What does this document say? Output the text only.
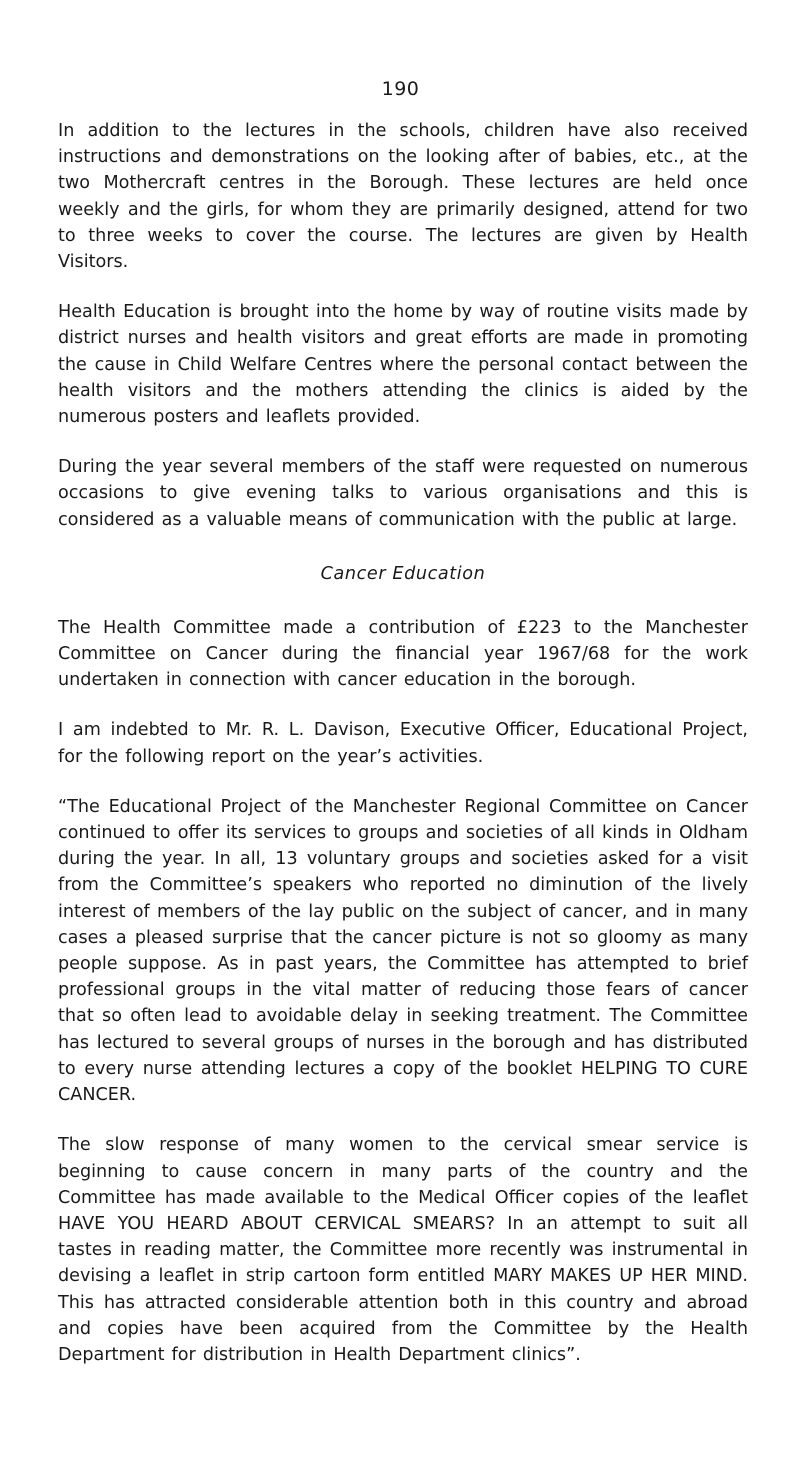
190

In addition to the lectures in the schools, children have also received instructions and demonstrations on the looking after of babies, etc., at the two Mothercraft centres in the Borough. These lectures are held once weekly and the girls, for whom they are primarily designed, attend for two to three weeks to cover the course. The lectures are given by Health Visitors.

Health Education is brought into the home by way of routine visits made by district nurses and health visitors and great efforts are made in promoting the cause in Child Welfare Centres where the personal contact between the health visitors and the mothers attending the clinics is aided by the numerous posters and leaflets provided.

During the year several members of the staff were requested on numerous occasions to give evening talks to various organisations and this is considered as a valuable means of communication with the public at large.

Cancer Education

The Health Committee made a contribution of £223 to the Manchester Committee on Cancer during the financial year 1967/68 for the work undertaken in connection with cancer education in the borough.

I am indebted to Mr. R. L. Davison, Executive Officer, Educational Project, for the following report on the year’s activities.

“The Educational Project of the Manchester Regional Committee on Cancer continued to offer its services to groups and societies of all kinds in Oldham during the year. In all, 13 voluntary groups and societies asked for a visit from the Committee’s speakers who reported no diminution of the lively interest of members of the lay public on the subject of cancer, and in many cases a pleased surprise that the cancer picture is not so gloomy as many people suppose. As in past years, the Committee has attempted to brief professional groups in the vital matter of reducing those fears of cancer that so often lead to avoidable delay in seeking treatment. The Committee has lectured to several groups of nurses in the borough and has distributed to every nurse attending lectures a copy of the booklet HELPING TO CURE CANCER.

The slow response of many women to the cervical smear service is beginning to cause concern in many parts of the country and the Committee has made available to the Medical Officer copies of the leaflet HAVE YOU HEARD ABOUT CERVICAL SMEARS? In an attempt to suit all tastes in reading matter, the Committee more recently was instrumental in devising a leaflet in strip cartoon form entitled MARY MAKES UP HER MIND. This has attracted considerable attention both in this country and abroad and copies have been acquired from the Committee by the Health Department for distribution in Health Department clinics”.
